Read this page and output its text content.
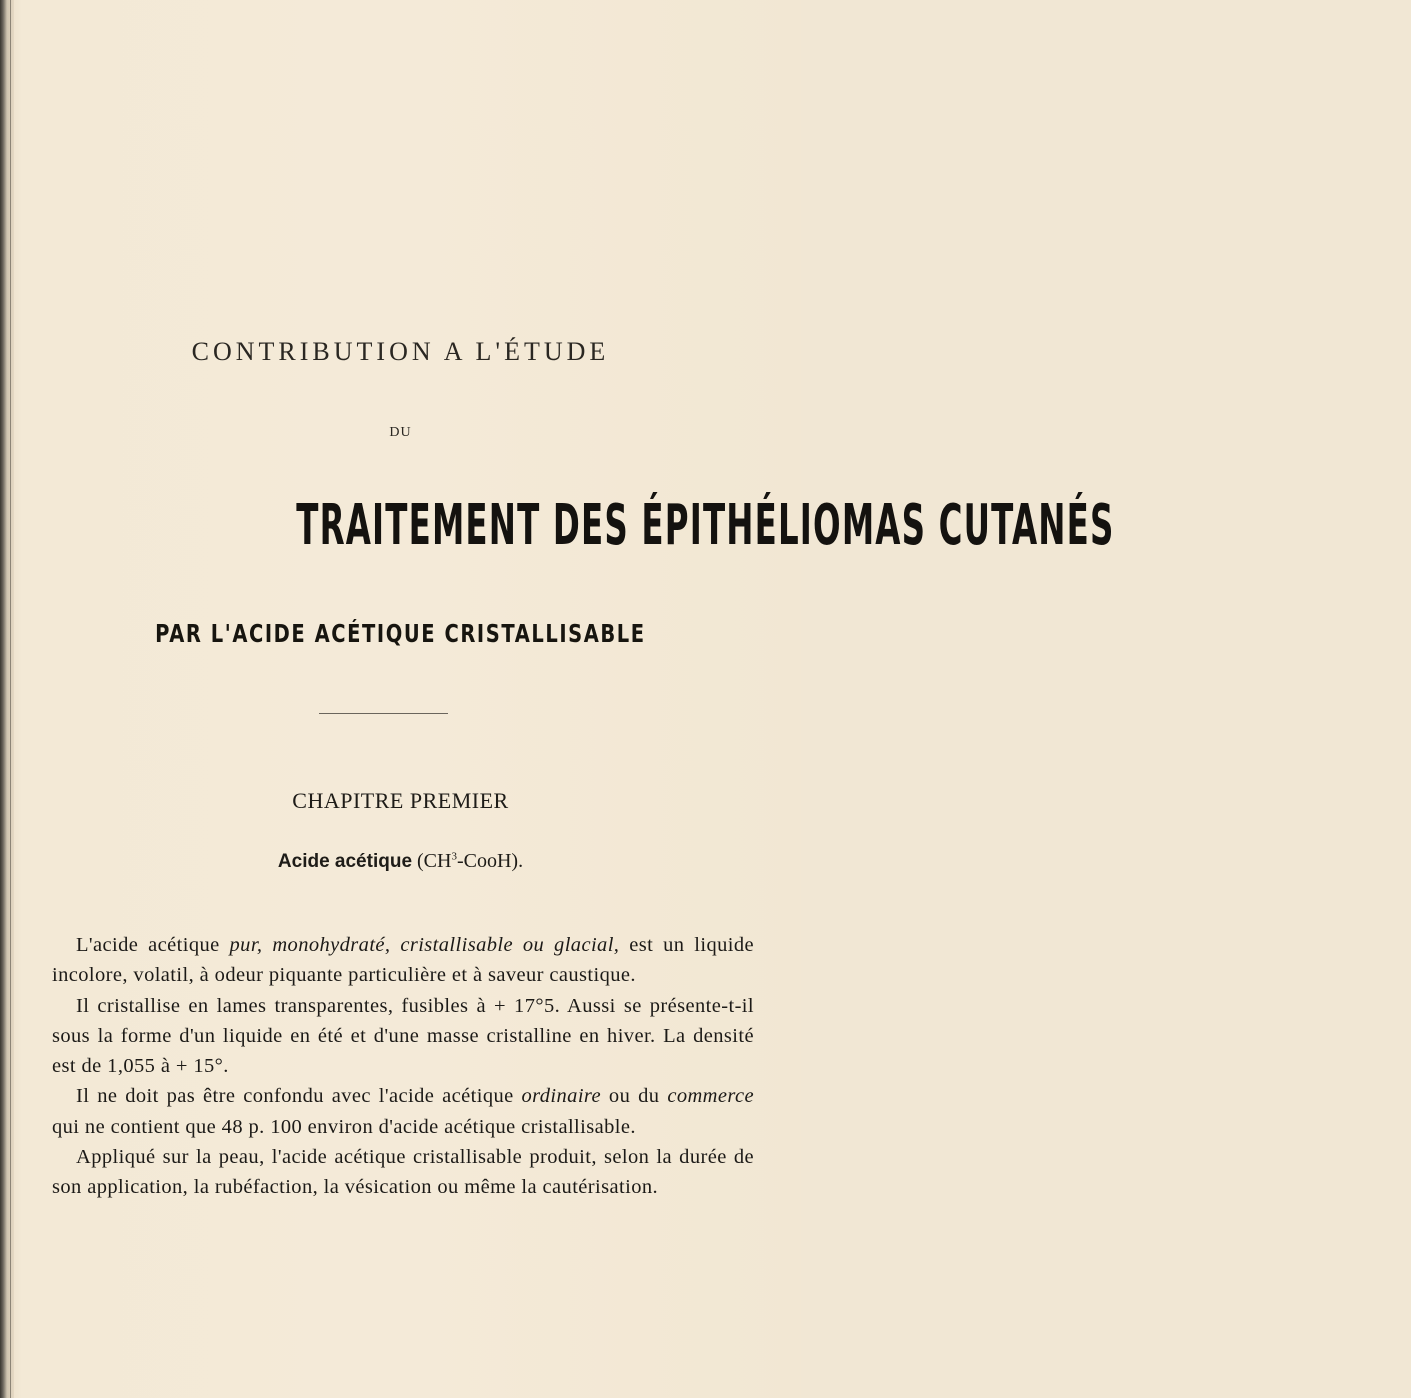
CONTRIBUTION A L'ÉTUDE
DU
TRAITEMENT DES ÉPITHÉLIOMAS CUTANÉS
PAR L'ACIDE ACÉTIQUE CRISTALLISABLE
CHAPITRE PREMIER
Acide acétique $(CH^3-CooH)$.

L'acide acétique pur, monohydraté, cristallisable ou glacial, est un liquide incolore, volatil, à odeur piquante particulière et à saveur caustique.

Il cristallise en lames transparentes, fusibles à + 17°5. Aussi se présente-t-il sous la forme d'un liquide en été et d'une masse cristalline en hiver. La densité est de 1,055 à + 15°.

Il ne doit pas être confondu avec l'acide acétique ordinaire ou du commerce qui ne contient que 48 p. 100 environ d'acide acétique cristallisable.

Appliqué sur la peau, l'acide acétique cristallisable produit, selon la durée de son application, la rubéfaction, la vésication ou même la cautérisation.
